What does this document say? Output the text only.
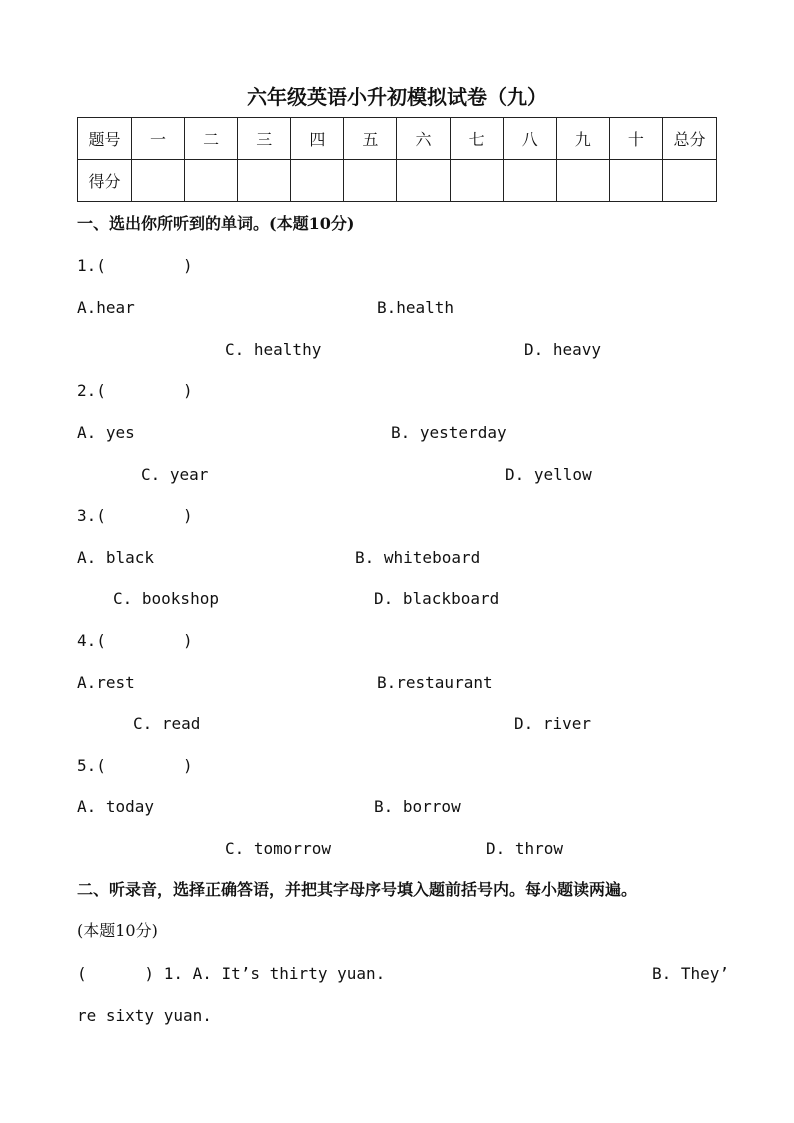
六年级英语小升初模拟试卷（九）
题号	一	二	三	四	五	六	七	八	九	十	总分
得分											
一、选出你所听到的单词。(本题10分)
1.(        )
A.hear	B.health
C. healthy	D. heavy
2.(        )
A. yes	B. yesterday
C. year	D. yellow
3.(        )
A. black	B. whiteboard
C. bookshop	D. blackboard
4.(        )
A.rest	B.restaurant
C. read	D. river
5.(        )
A. today	B. borrow
C. tomorrow	D. throw
二、听录音，选择正确答语，并把其字母序号填入题前括号内。每小题读两遍。
(本题10分)
(      ) 1. A. It’s thirty yuan.	B. They’
re sixty yuan.
